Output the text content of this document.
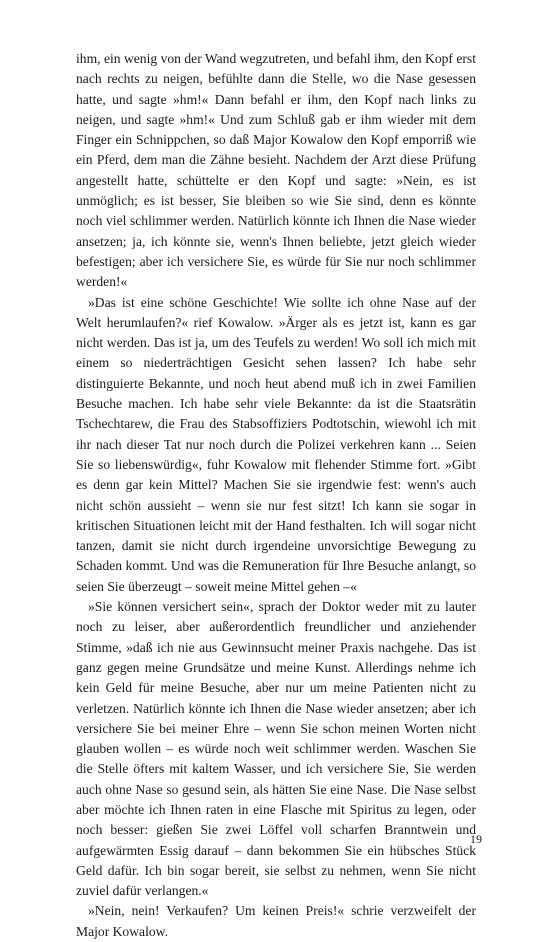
ihm, ein wenig von der Wand wegzutreten, und befahl ihm, den Kopf erst nach rechts zu neigen, befühlte dann die Stelle, wo die Nase gesessen hatte, und sagte »hm!« Dann befahl er ihm, den Kopf nach links zu neigen, und sagte »hm!« Und zum Schluß gab er ihm wieder mit dem Finger ein Schnippchen, so daß Major Kowalow den Kopf emporriß wie ein Pferd, dem man die Zähne besieht. Nachdem der Arzt diese Prüfung angestellt hatte, schüttelte er den Kopf und sagte: »Nein, es ist unmöglich; es ist besser, Sie bleiben so wie Sie sind, denn es könnte noch viel schlimmer werden. Natürlich könnte ich Ihnen die Nase wieder ansetzen; ja, ich könnte sie, wenn's Ihnen beliebte, jetzt gleich wieder befestigen; aber ich versichere Sie, es würde für Sie nur noch schlimmer werden!«

»Das ist eine schöne Geschichte! Wie sollte ich ohne Nase auf der Welt herumlaufen?« rief Kowalow. »Ärger als es jetzt ist, kann es gar nicht werden. Das ist ja, um des Teufels zu werden! Wo soll ich mich mit einem so niederträchtigen Gesicht sehen lassen? Ich habe sehr distinguierte Bekannte, und noch heut abend muß ich in zwei Familien Besuche machen. Ich habe sehr viele Bekannte: da ist die Staatsrätin Tschechtarew, die Frau des Stabsoffiziers Podtotschin, wiewohl ich mit ihr nach dieser Tat nur noch durch die Polizei verkehren kann ... Seien Sie so liebenswürdig«, fuhr Kowalow mit flehender Stimme fort. »Gibt es denn gar kein Mittel? Machen Sie sie irgendwie fest: wenn's auch nicht schön aussieht – wenn sie nur fest sitzt! Ich kann sie sogar in kritischen Situationen leicht mit der Hand festhalten. Ich will sogar nicht tanzen, damit sie nicht durch irgendeine unvorsichtige Bewegung zu Schaden kommt. Und was die Remuneration für Ihre Besuche anlangt, so seien Sie überzeugt – soweit meine Mittel gehen –«

»Sie können versichert sein«, sprach der Doktor weder mit zu lauter noch zu leiser, aber außerordentlich freundlicher und anziehender Stimme, »daß ich nie aus Gewinnsucht meiner Praxis nachgehe. Das ist ganz gegen meine Grundsätze und meine Kunst. Allerdings nehme ich kein Geld für meine Besuche, aber nur um meine Patienten nicht zu verletzen. Natürlich könnte ich Ihnen die Nase wieder ansetzen; aber ich versichere Sie bei meiner Ehre – wenn Sie schon meinen Worten nicht glauben wollen – es würde noch weit schlimmer werden. Waschen Sie die Stelle öfters mit kaltem Wasser, und ich versichere Sie, Sie werden auch ohne Nase so gesund sein, als hätten Sie eine Nase. Die Nase selbst aber möchte ich Ihnen raten in eine Flasche mit Spiritus zu legen, oder noch besser: gießen Sie zwei Löffel voll scharfen Branntwein und aufgewärmten Essig darauf – dann bekommen Sie ein hübsches Stück Geld dafür. Ich bin sogar bereit, sie selbst zu nehmen, wenn Sie nicht zuviel dafür verlangen.«

»Nein, nein! Verkaufen? Um keinen Preis!« schrie verzweifelt der Major Kowalow.

19
